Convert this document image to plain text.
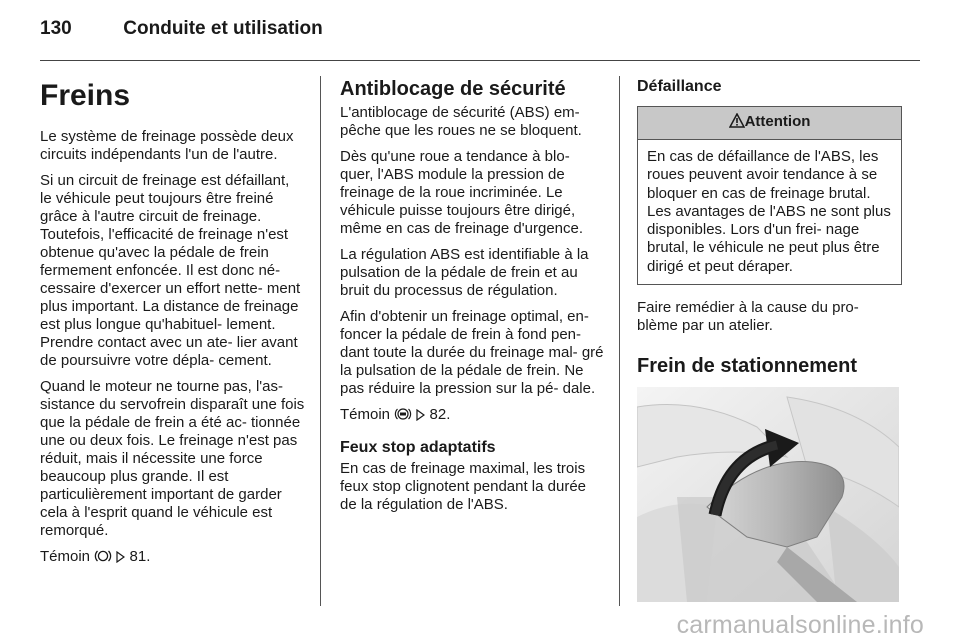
130	Conduite et utilisation
Freins

Le système de freinage possède deux circuits indépendants l'un de l'autre.

Si un circuit de freinage est défaillant, le véhicule peut toujours être freiné grâce à l'autre circuit de freinage. Toutefois, l'efficacité de freinage n'est obtenue qu'avec la pédale de frein fermement enfoncée. Il est donc né- cessaire d'exercer un effort nette- ment plus important. La distance de freinage est plus longue qu'habituel- lement. Prendre contact avec un ate- lier avant de poursuivre votre dépla- cement.

Quand le moteur ne tourne pas, l'as- sistance du servofrein disparaît une fois que la pédale de frein a été ac- tionnée une ou deux fois. Le freinage n'est pas réduit, mais il nécessite une force beaucoup plus grande. Il est particulièrement important de garder cela à l'esprit quand le véhicule est remorqué.

Témoin	81.

Antiblocage de sécurité

L'antiblocage de sécurité (ABS) em- pêche que les roues ne se bloquent.

Dès qu'une roue a tendance à blo- quer, l'ABS module la pression de freinage de la roue incriminée. Le véhicule puisse toujours être dirigé, même en cas de freinage d'urgence.

La régulation ABS est identifiable à la pulsation de la pédale de frein et au bruit du processus de régulation.

Afin d'obtenir un freinage optimal, en- foncer la pédale de frein à fond pen- dant toute la durée du freinage mal- gré la pulsation de la pédale de frein. Ne pas réduire la pression sur la pé- dale.

Témoin	82.

Feux stop adaptatifs

En cas de freinage maximal, les trois feux stop clignotent pendant la durée de la régulation de l'ABS.

Défaillance
Attention
En cas de défaillance de l'ABS, les roues peuvent avoir tendance à se bloquer en cas de freinage brutal. Les avantages de l'ABS ne sont plus disponibles. Lors d'un frei- nage brutal, le véhicule ne peut plus être dirigé et peut déraper.

Faire remédier à la cause du pro- blème par un atelier.

Frein de stationnement
carmanualsonline.info
